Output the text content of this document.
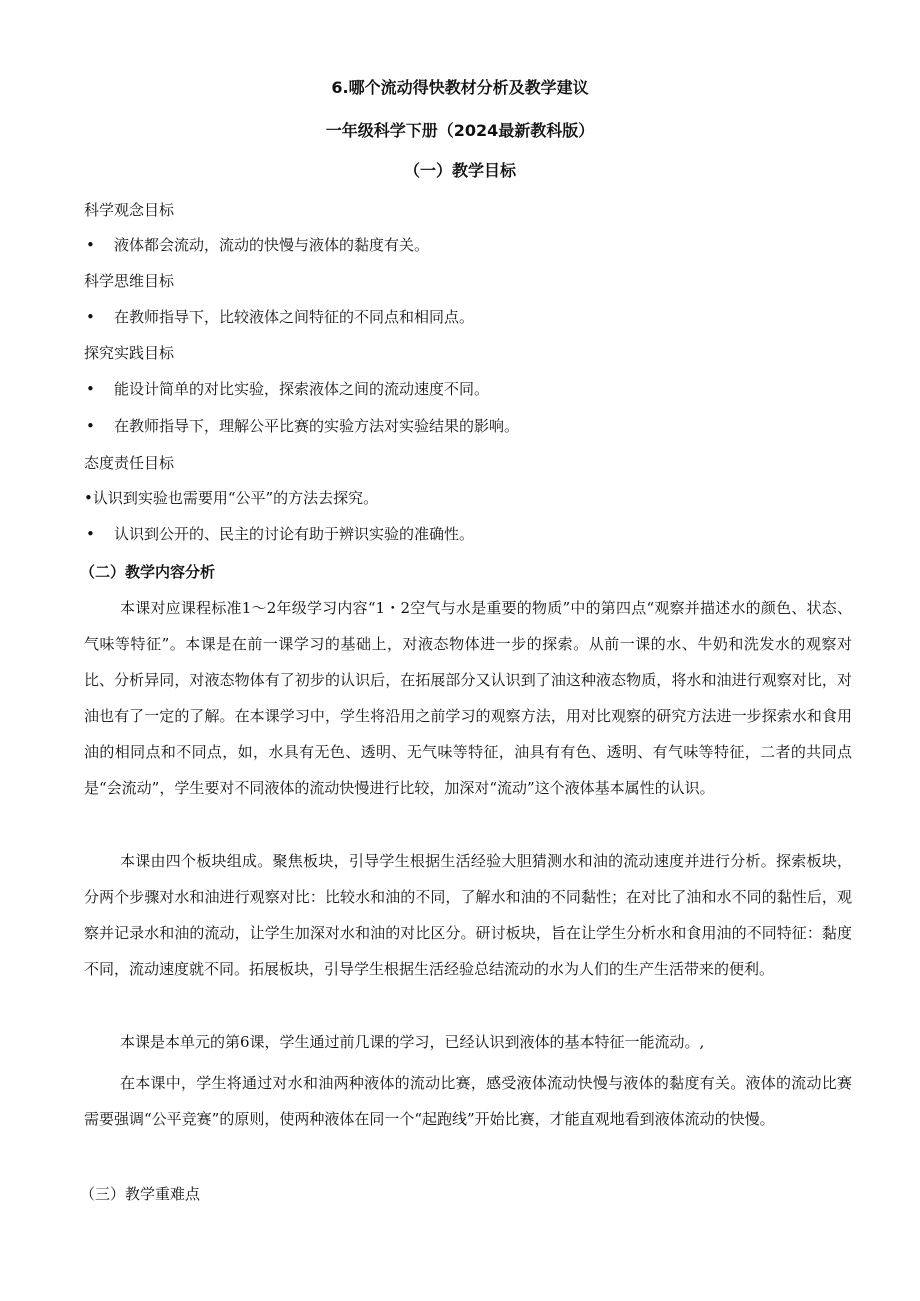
6.哪个流动得快教材分析及教学建议
一年级科学下册（2024最新教科版）
（一）教学目标
科学观念目标
• 液体都会流动，流动的快慢与液体的黏度有关。
科学思维目标
• 在教师指导下，比较液体之间特征的不同点和相同点。
探究实践目标
• 能设计简单的对比实验，探索液体之间的流动速度不同。
• 在教师指导下，理解公平比赛的实验方法对实验结果的影响。
态度责任目标
•认识到实验也需要用“公平”的方法去探究。
• 认识到公开的、民主的讨论有助于辨识实验的准确性。
（二）教学内容分析
本课对应课程标准1〜2年级学习内容“1・2空气与水是重要的物质”中的第四点“观察并描述水的颜色、状态、气味等特征”。本课是在前一课学习的基础上，对液态物体进一步的探索。从前一课的水、牛奶和洗发水的观察对比、分析异同，对液态物体有了初步的认识后，在拓展部分又认识到了油这种液态物质，将水和油进行观察对比，对油也有了一定的了解。在本课学习中，学生将沿用之前学习的观察方法，用对比观察的研究方法进一步探索水和食用油的相同点和不同点，如，水具有无色、透明、无气味等特征，油具有有色、透明、有气味等特征，二者的共同点是“会流动”，学生要对不同液体的流动快慢进行比较，加深对“流动”这个液体基本属性的认识。
本课由四个板块组成。聚焦板块，引导学生根据生活经验大胆猜测水和油的流动速度并进行分析。探索板块，分两个步骤对水和油进行观察对比：比较水和油的不同，了解水和油的不同黏性；在对比了油和水不同的黏性后，观察并记录水和油的流动，让学生加深对水和油的对比区分。研讨板块，旨在让学生分析水和食用油的不同特征：黏度不同，流动速度就不同。拓展板块，引导学生根据生活经验总结流动的水为人们的生产生活带来的便利。
本课是本单元的第6课，学生通过前几课的学习，已经认识到液体的基本特征一能流动。,
在本课中，学生将通过对水和油两种液体的流动比赛，感受液体流动快慢与液体的黏度有关。液体的流动比赛需要强调“公平竞赛”的原则，使两种液体在同一个“起跑线”开始比赛，才能直观地看到液体流动的快慢。
（三）教学重难点
